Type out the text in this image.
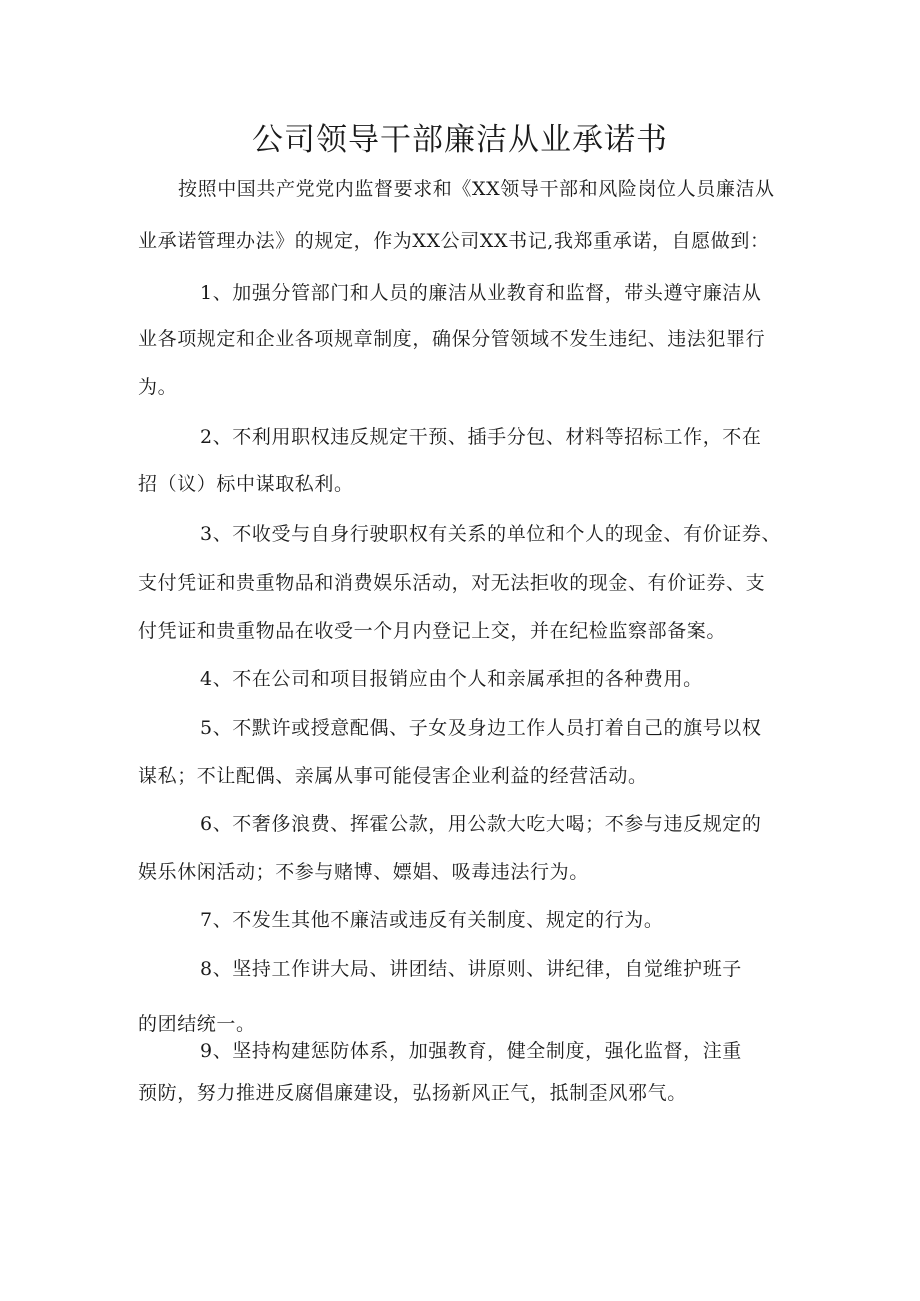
公司领导干部廉洁从业承诺书

按照中国共产党党内监督要求和《XX领导干部和风险岗位人员廉洁从

业承诺管理办法》的规定，作为XX公司XX书记,我郑重承诺，自愿做到：

1、加强分管部门和人员的廉洁从业教育和监督，带头遵守廉洁从

业各项规定和企业各项规章制度，确保分管领域不发生违纪、违法犯罪行

为。

2、不利用职权违反规定干预、插手分包、材料等招标工作，不在

招（议）标中谋取私利。

3、不收受与自身行驶职权有关系的单位和个人的现金、有价证券、

支付凭证和贵重物品和消费娱乐活动，对无法拒收的现金、有价证券、支

付凭证和贵重物品在收受一个月内登记上交，并在纪检监察部备案。

4、不在公司和项目报销应由个人和亲属承担的各种费用。

5、不默许或授意配偶、子女及身边工作人员打着自己的旗号以权

谋私；不让配偶、亲属从事可能侵害企业利益的经营活动。

6、不奢侈浪费、挥霍公款，用公款大吃大喝；不参与违反规定的

娱乐休闲活动；不参与赌博、嫖娼、吸毒违法行为。

7、不发生其他不廉洁或违反有关制度、规定的行为。

8、坚持工作讲大局、讲团结、讲原则、讲纪律，自觉维护班子

的团结统一。

9、坚持构建惩防体系，加强教育，健全制度，强化监督，注重

预防，努力推进反腐倡廉建设，弘扬新风正气，抵制歪风邪气。
